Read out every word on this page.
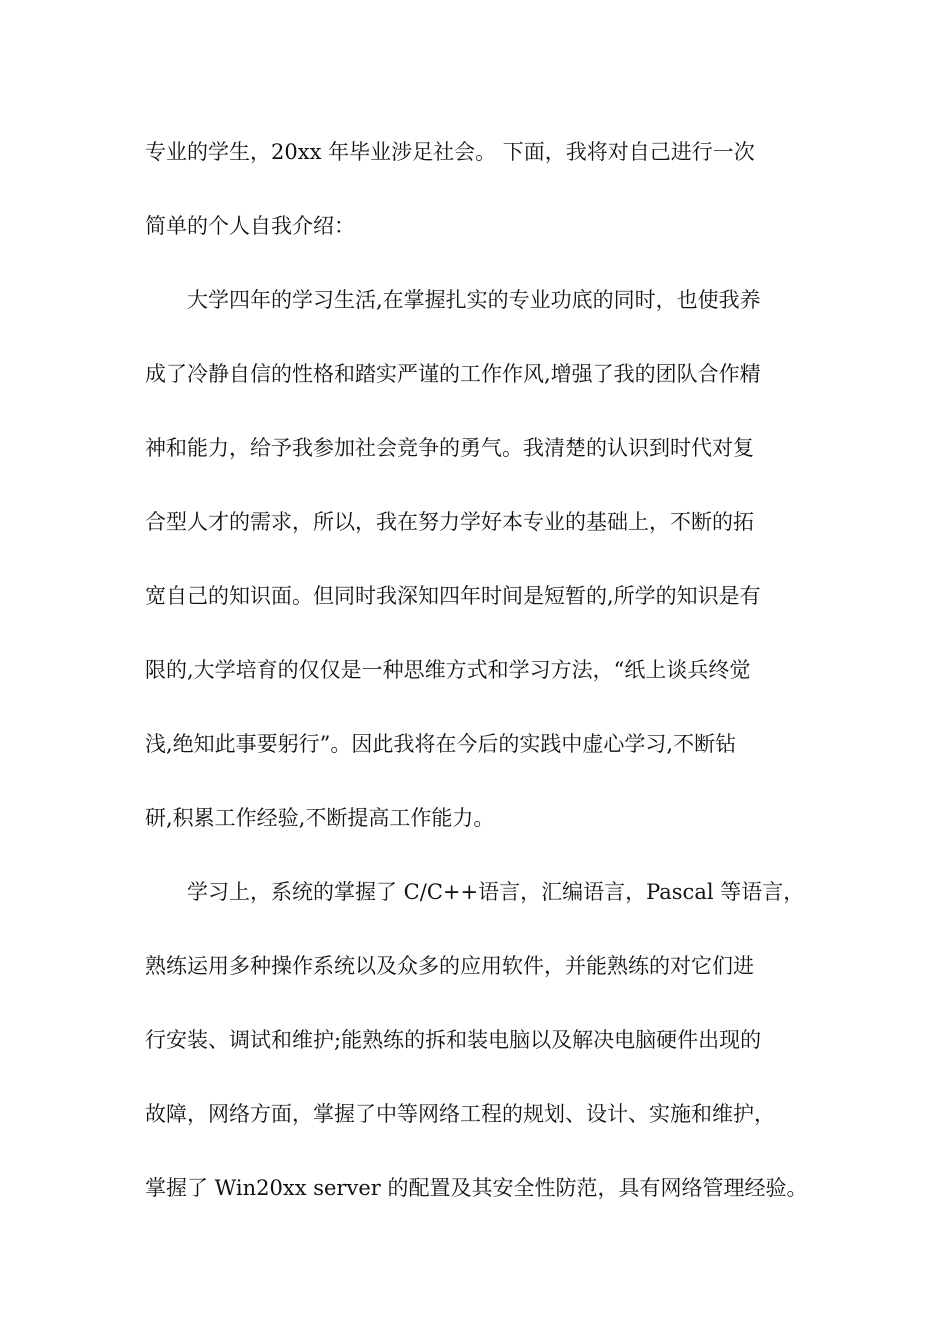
专业的学生，20xx 年毕业涉足社会。 下面，我将对自己进行一次
简单的个人自我介绍：
大学四年的学习生活,在掌握扎实的专业功底的同时，也使我养
成了冷静自信的性格和踏实严谨的工作作风,增强了我的团队合作精
神和能力，给予我参加社会竞争的勇气。我清楚的认识到时代对复
合型人才的需求，所以，我在努力学好本专业的基础上，不断的拓
宽自己的知识面。但同时我深知四年时间是短暂的,所学的知识是有
限的,大学培育的仅仅是一种思维方式和学习方法，“纸上谈兵终觉
浅,绝知此事要躬行”。因此我将在今后的实践中虚心学习,不断钻
研,积累工作经验,不断提高工作能力。
学习上，系统的掌握了 C/C++语言，汇编语言，Pascal 等语言，
熟练运用多种操作系统以及众多的应用软件，并能熟练的对它们进
行安装、调试和维护;能熟练的拆和装电脑以及解决电脑硬件出现的
故障，网络方面，掌握了中等网络工程的规划、设计、实施和维护，
掌握了 Win20xx server 的配置及其安全性防范，具有网络管理经验。
